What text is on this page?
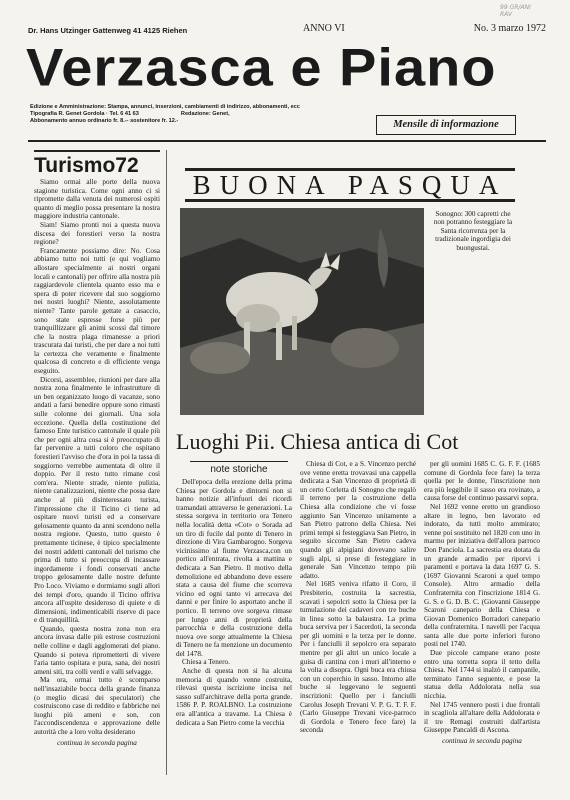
99 GR/ANI
RAV
Dr. Hans Utzinger Gattenweg 41 4125 Riehen	ANNO VI	No. 3 marzo 1972
Verzasca e Piano
Edizione e Amministrazione: Stampa, annunci, inserzioni, cambiamenti di indirizzo, abbonamenti, ecc
Tipografia R. Genet Gordola · Tel. 6 41 63	Redazione: Genet,
Abbonamento annuo ordinario fr. 8.-- sostenitore fr. 12.-	Mensile di informazione
Turismo72

Siamo ormai alle porte della nuova stagione turistica. Come ogni anno ci si ripromette dalla venuta dei numerosi ospiti quanto di meglio possa presentare la nostra maggiore industria cantonale.

Siam! Siamo pronti noi a questa nuova discesa dei forestieri verso la nostra regione?

Francamente possiamo dire: No. Cosa abbiamo tutto noi tutti (e qui vogliamo allostare specialmente ai nostri organi locali e cantonali) per offrire alla nostra più raggiardevole clientela quanto esso ma e spera di poter ricevere dal suo soggiorno nei nostri luoghi? Niente, assolutamente niente? Tante parole gettate a casaccio, sono state espresse forse più per tranquillizzare gli animi scossi dal timore che la nostra plaga rimanesse a priori trascurata dai turisti, che per dare a noi tutti la certezza che veramente e finalmente qualcosa di concreto e di efficiente venga eseguito.

Dicorsi, assemblee, riunioni per dare alla nostra zona finalmente le infrastrutture di un ben organizzato luogo di vacanze, sono andati a farsi benedire oppure sono rimasti sulle colonne dei giornali. Una sola eccezione. Quella della costituzione del famoso Ente turistico cantonale il quale più che per ogni altra cosa si è preoccupato di far pervenire a tutti coloro che ospitano forestieri l'avviso che d'ora in poi la tassa di soggiorno verrebbe aumentata di oltre il doppio. Per il resto tutto rimane così com'era. Niente strade, niente pulizia, niente canalizzazioni, niente che possa dare anche al più disinteressato turista, l'impressione che il Ticino ci tiene ad ospitare nuovi turisti ed a conservare gelosamente quanto da anni scendono nella nostra regione. Questo, tutto questo è prettamente ticinese, è tipico specialmente dei nostri addetti cantonali del turismo che prima di tutto si preoccupa di incassare ingordamente i fondi conservati anche troppo gelosamente dalle nostre defunte Pro Loco. Viviamo e dormiamo sugli allori dei tempi d'oro, quando il Ticino offriva ancora all'ospite desideroso di quiete e di dimensioni, indimenticabili riserve di pace e di tranquillità.

Quando, questa nostra zona non era ancora invasa dalle più estrose costruzioni nelle colline e dagli agglomerati del piano. Quando si poteva riprometterti di vivere l'aria tanto ospitata e pura, sana, dei nostri ameni siti, tra colli verdi e valli selvagge.

Ma ora, ormai tutto è scomparso nell'insaziabile bocca della grande finanza (o meglio dicasi dei speculatori) che costruiscono case di reddito e fabbriche nei luoghi più ameni e son, con l'accondiscendenza e approvazione delle autorità che a loro volta desiderano

continua in seconda pagina
BUONA PASQUA
Sonogno: 300 capretti che non potranno festeggiare la Santa ricorrenza per la tradizionale ingordigia dei buongustai.
Luoghi Pii. Chiesa antica di Cot
note storiche

Dell'epoca della erezione della prima Chiesa per Gordola e dintorni non si hanno notizie all'infuori dei ricordi tramandati attraverso le generazioni. La stessa sorgeva in territorio ora Tenero nella località detta «Cot» o Sorada ad un tiro di fucile dal ponte di Tenero in direzione di Vira Gambarogno. Sorgeva vicinissimo al fiume Verzasca,con un portico all'entrata, rivolta a mattina e dedicata a San Pietro. Il motivo della demolizione ed abbandono deve essere stata a causa del fiume che scorreva vicino ed ogni tanto vi arrecava dei danni e per finire lo asportato anche il portico. Il terreno ove sorgeva rimase per lungo anni di proprietà della parrocchia e della costruzione della nuova ove sorge attualmente la Chiesa di Tenero ne fa menzione un documento del 1478.

Chiesa a Tenero.

Anche di questa non si ha alcuna memoria di quando venne costruita, rilevasi questa iscrizione incisa nel sasso sull'architrave della porta grande. 1586 P. P. ROALBNO. La costruzione era all'antica a travame. La Chiesa è dedicata a San Pietro come la vecchia

Chiesa di Cot, e a S. Vincenzo perché ove venne eretta trovavasi una cappella dedicata a San Vincenzo di proprietà di un certo Corletta di Sonogno che regalò il terreno per la costruzione della Chiesa alla condizione che vi fosse aggiunto San Vincenzo unitamente a San Pietro patrono della Chiesa. Nei primi tempi si festeggiava San Pietro, in seguito siccome San Pietro cadeva quando gli alpigiani dovevano salire sugli alpi, si prese di festeggiare in generale San Vincenzo tempo più adatto.

Nel 1685 veniva rifatto il Coro, il Presbiterio, costruita la sacrestia, scavati i sepolcri sotto la Chiesa per la tumulazione dei cadaveri con tre buche in linea sotto la balaustra. La prima buca serviva per i Sacerdoti, la seconda per gli uomini e la terza per le donne. Per i fanciulli il sepolcro era separato mentre per gli altri un unico locale a guisa di cantina con i muri all'interno e la volta a disopra. Ogni buca era chiusa con un coperchio in sasso. Intorno alle buche si leggevano le seguenti inscrizioni: Quello per i fanciulli Carolus Joseph Trevani V. P. G. T. F. F. (Carlo Giuseppe Trevani vice-parroco di Gordola e Tenero fece fare) la seconda

per gli uomini 1685 C. G. F. F. (1685 comune di Gordola fece fare) la terza quella per le donne, l'inscrizione non era più leggibile il sasso era rovinato, a causa forse del continuo passarvi sopra.

Nel 1692 venne eretto un grandioso altare in legno, ben lavorato ed indorato, da tutti molto ammirato; venne poi sostituito nel 1820 con uno in marmo per iniziativa dell'allora parroco Don Panciola. La sacrestia era dotata da un grande armadio per riporvi i paramenti e portava la data 1697 G. S. (1697 Giovanni Scaroni a quel tempo Console). Altro armadio della Confraternita con l'inscrizione 1814 G. G. S. e G. D. B. C. (Giovanni Giuseppe Scaroni canepario della Chiesa e Giovan Domenico Borradori canepario della confraternita. I navelli per l'acqua santa alle due porte inferiori furono posti nel 1740.

Due piccole campane erano poste entro una torretta sopra il tetto della Chiesa. Nel 1744 si inalzò il campanile, terminato l'anno seguente, e pose la statua della Addolorata nella sua nicchia.

Nel 1745 vennero posti i due frontali in scagliola all'altare della Addolorata e il tre Remagi costruiti dall'artista Giuseppe Pancaldi di Ascona.

continua in seconda pagina
